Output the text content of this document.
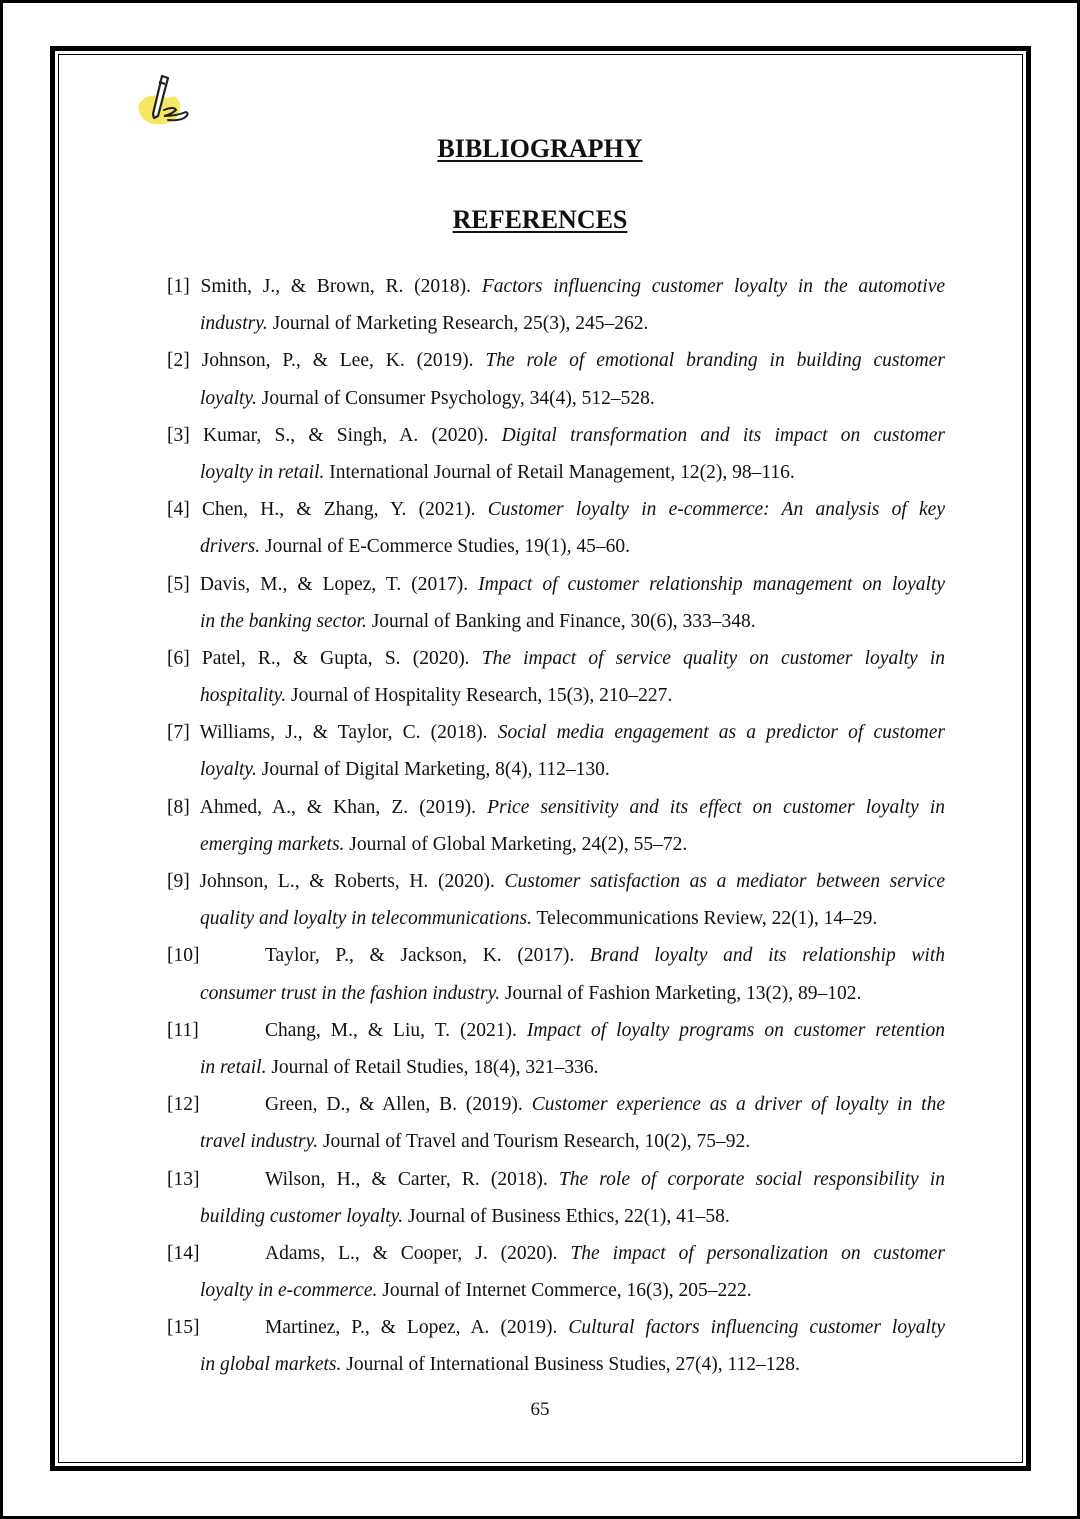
BIBLIOGRAPHY
REFERENCES
[1] Smith, J., & Brown, R. (2018). Factors influencing customer loyalty in the automotive
industry. Journal of Marketing Research, 25(3), 245–262.
[2] Johnson, P., & Lee, K. (2019). The role of emotional branding in building customer
loyalty. Journal of Consumer Psychology, 34(4), 512–528.
[3] Kumar, S., & Singh, A. (2020). Digital transformation and its impact on customer
loyalty in retail. International Journal of Retail Management, 12(2), 98–116.
[4] Chen, H., & Zhang, Y. (2021). Customer loyalty in e-commerce: An analysis of key
drivers. Journal of E-Commerce Studies, 19(1), 45–60.
[5] Davis, M., & Lopez, T. (2017). Impact of customer relationship management on loyalty
in the banking sector. Journal of Banking and Finance, 30(6), 333–348.
[6] Patel, R., & Gupta, S. (2020). The impact of service quality on customer loyalty in
hospitality. Journal of Hospitality Research, 15(3), 210–227.
[7] Williams, J., & Taylor, C. (2018). Social media engagement as a predictor of customer
loyalty. Journal of Digital Marketing, 8(4), 112–130.
[8] Ahmed, A., & Khan, Z. (2019). Price sensitivity and its effect on customer loyalty in
emerging markets. Journal of Global Marketing, 24(2), 55–72.
[9] Johnson, L., & Roberts, H. (2020). Customer satisfaction as a mediator between service
quality and loyalty in telecommunications. Telecommunications Review, 22(1), 14–29.
[10]	Taylor, P., & Jackson, K. (2017). Brand loyalty and its relationship with
consumer trust in the fashion industry. Journal of Fashion Marketing, 13(2), 89–102.
[11]	Chang, M., & Liu, T. (2021). Impact of loyalty programs on customer retention
in retail. Journal of Retail Studies, 18(4), 321–336.
[12]	Green, D., & Allen, B. (2019). Customer experience as a driver of loyalty in the
travel industry. Journal of Travel and Tourism Research, 10(2), 75–92.
[13]	Wilson, H., & Carter, R. (2018). The role of corporate social responsibility in
building customer loyalty. Journal of Business Ethics, 22(1), 41–58.
[14]	Adams, L., & Cooper, J. (2020). The impact of personalization on customer
loyalty in e-commerce. Journal of Internet Commerce, 16(3), 205–222.
[15]	Martinez, P., & Lopez, A. (2019). Cultural factors influencing customer loyalty
in global markets. Journal of International Business Studies, 27(4), 112–128.
65
